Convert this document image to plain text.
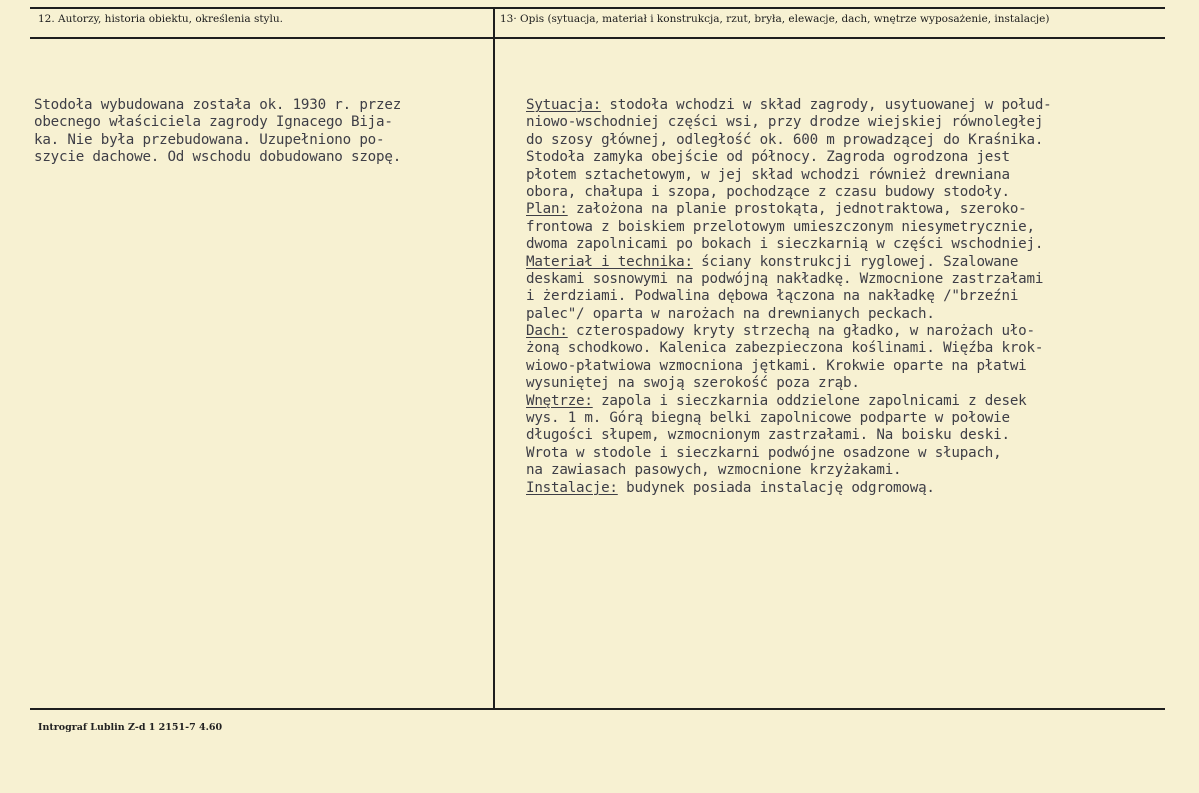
12. Autorzy, historia obiektu, określenia stylu.	13· Opis (sytuacja, materiał i konstrukcja, rzut, bryła, elewacje, dach, wnętrze wyposażenie, instalacje)
Stodoła wybudowana została ok. 1930 r. przez
obecnego właściciela zagrody Ignacego Bija-
ka. Nie była przebudowana. Uzupełniono po-
szycie dachowe. Od wschodu dobudowano szopę.
Sytuacja: stodoła wchodzi w skład zagrody, usytuowanej w połud-
niowo-wschodniej części wsi, przy drodze wiejskiej równoległej
do szosy głównej, odległość ok. 600 m prowadzącej do Kraśnika.
Stodoła zamyka obejście od północy. Zagroda ogrodzona jest
płotem sztachetowym, w jej skład wchodzi również drewniana
obora, chałupa i szopa, pochodzące z czasu budowy stodoły.
Plan: założona na planie prostokąta, jednotraktowa, szeroko-
frontowa z boiskiem przelotowym umieszczonym niesymetrycznie,
dwoma zapolnicami po bokach i sieczkarnią w części wschodniej.
Materiał i technika: ściany konstrukcji ryglowej. Szalowane
deskami sosnowymi na podwójną nakładkę. Wzmocnione zastrzałami
i żerdziami. Podwalina dębowa łączona na nakładkę /"brzeźni
palec"/ oparta w narożach na drewnianych peckach.
Dach: czterospadowy kryty strzechą na gładko, w narożach uło-
żoną schodkowo. Kalenica zabezpieczona koślinami. Więźba krok-
wiowo-płatwiowa wzmocniona jętkami. Krokwie oparte na płatwi
wysuniętej na swoją szerokość poza zrąb.
Wnętrze: zapola i sieczkarnia oddzielone zapolnicami z desek
wys. 1 m. Górą biegną belki zapolnicowe podparte w połowie
długości słupem, wzmocnionym zastrzałami. Na boisku deski.
Wrota w stodole i sieczkarni podwójne osadzone w słupach,
na zawiasach pasowych, wzmocnione krzyżakami.
Instalacje: budynek posiada instalację odgromową.
Intrograf Lublin Z-d 1 2151-7 4.60
